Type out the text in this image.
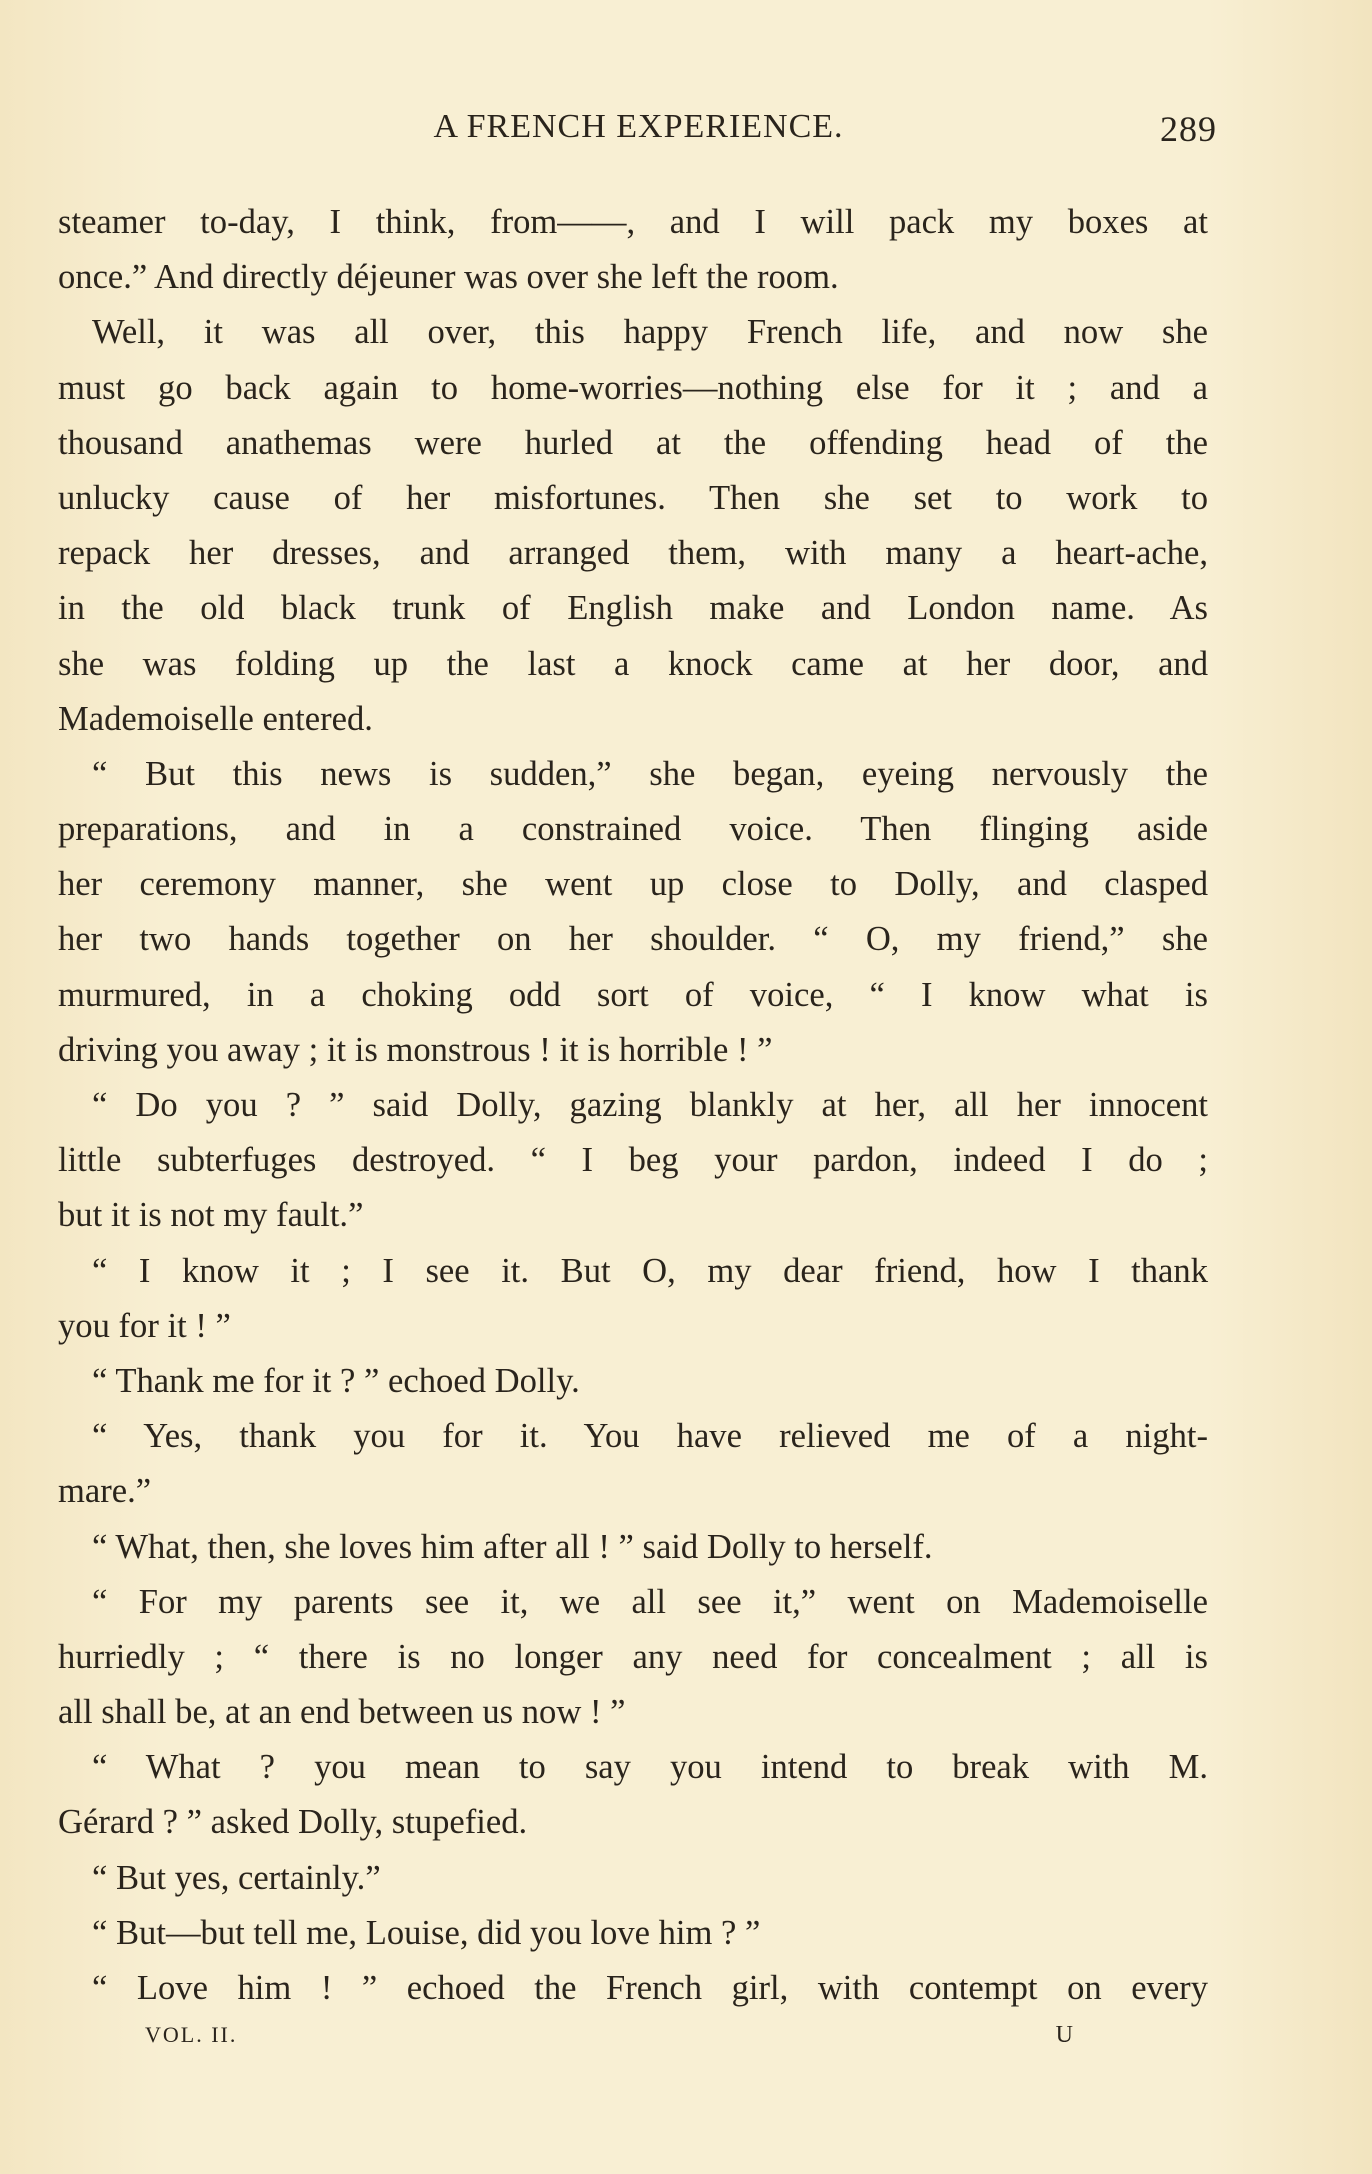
A FRENCH EXPERIENCE.	289
steamer to-day, I think, from——, and I will pack my boxes at
once.” And directly déjeuner was over she left the room.
Well, it was all over, this happy French life, and now she
must go back again to home-worries—nothing else for it ; and a
thousand anathemas were hurled at the offending head of the
unlucky cause of her misfortunes. Then she set to work to
repack her dresses, and arranged them, with many a heart-ache,
in the old black trunk of English make and London name. As
she was folding up the last a knock came at her door, and
Mademoiselle entered.
“ But this news is sudden,” she began, eyeing nervously the
preparations, and in a constrained voice. Then flinging aside
her ceremony manner, she went up close to Dolly, and clasped
her two hands together on her shoulder. “ O, my friend,” she
murmured, in a choking odd sort of voice, “ I know what is
driving you away ; it is monstrous ! it is horrible ! ”
“ Do you ? ” said Dolly, gazing blankly at her, all her innocent
little subterfuges destroyed. “ I beg your pardon, indeed I do ;
but it is not my fault.”
“ I know it ; I see it. But O, my dear friend, how I thank
you for it ! ”
“ Thank me for it ? ” echoed Dolly.
“ Yes, thank you for it. You have relieved me of a night-
mare.”
“ What, then, she loves him after all ! ” said Dolly to herself.
“ For my parents see it, we all see it,” went on Mademoiselle
hurriedly ; “ there is no longer any need for concealment ; all is
all shall be, at an end between us now ! ”
“ What ? you mean to say you intend to break with M.
Gérard ? ” asked Dolly, stupefied.
“ But yes, certainly.”
“ But—but tell me, Louise, did you love him ? ”
“ Love him ! ” echoed the French girl, with contempt on every
VOL. II.	U
